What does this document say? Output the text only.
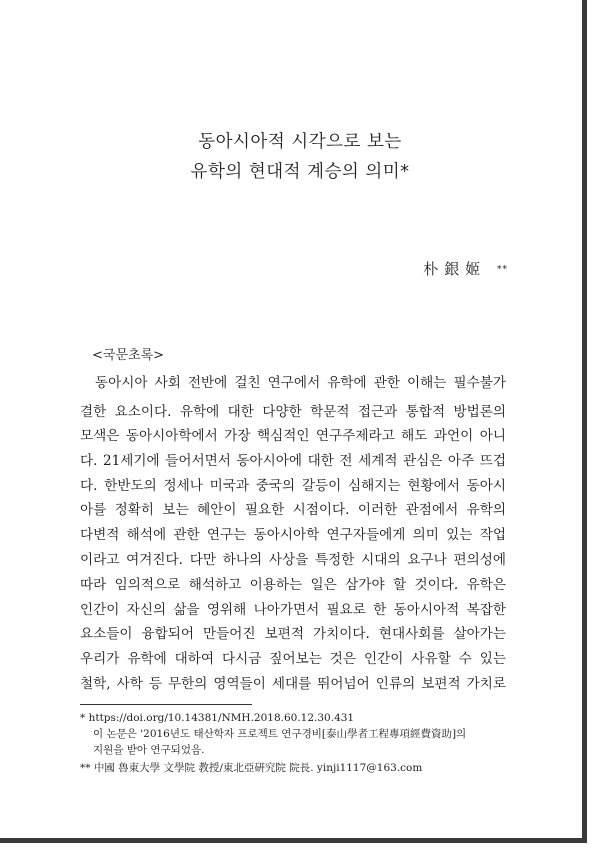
동아시아적 시각으로 보는
유학의 현대적 계승의 의미*
朴銀姬 **
<국문초록>
동아시아 사회 전반에 걸친 연구에서 유학에 관한 이해는 필수불가
결한 요소이다. 유학에 대한 다양한 학문적 접근과 통합적 방법론의
모색은 동아시아학에서 가장 핵심적인 연구주제라고 해도 과언이 아니
다. 21세기에 들어서면서 동아시아에 대한 전 세계적 관심은 아주 뜨겁
다. 한반도의 정세나 미국과 중국의 갈등이 심해지는 현황에서 동아시
아를 정확히 보는 혜안이 필요한 시점이다. 이러한 관점에서 유학의
다변적 해석에 관한 연구는 동아시아학 연구자들에게 의미 있는 작업
이라고 여겨진다. 다만 하나의 사상을 특정한 시대의 요구나 편의성에
따라 임의적으로 해석하고 이용하는 일은 삼가야 할 것이다. 유학은
인간이 자신의 삶을 영위해 나아가면서 필요로 한 동아시아적 복잡한
요소들이 융합되어 만들어진 보편적 가치이다. 현대사회를 살아가는
우리가 유학에 대하여 다시금 짚어보는 것은 인간이 사유할 수 있는
철학, 사학 등 무한의 영역들이 세대를 뛰어넘어 인류의 보편적 가치로
* https://doi.org/10.14381/NMH.2018.60.12.30.431
이 논문은 '2016년도 태산학자 프로젝트 연구경비[泰山學者工程專項經費資助]의
지원을 받아 연구되었음.
** 中國 魯東大學 文學院 教授/東北亞硏究院 院長. yinji1117@163.com
